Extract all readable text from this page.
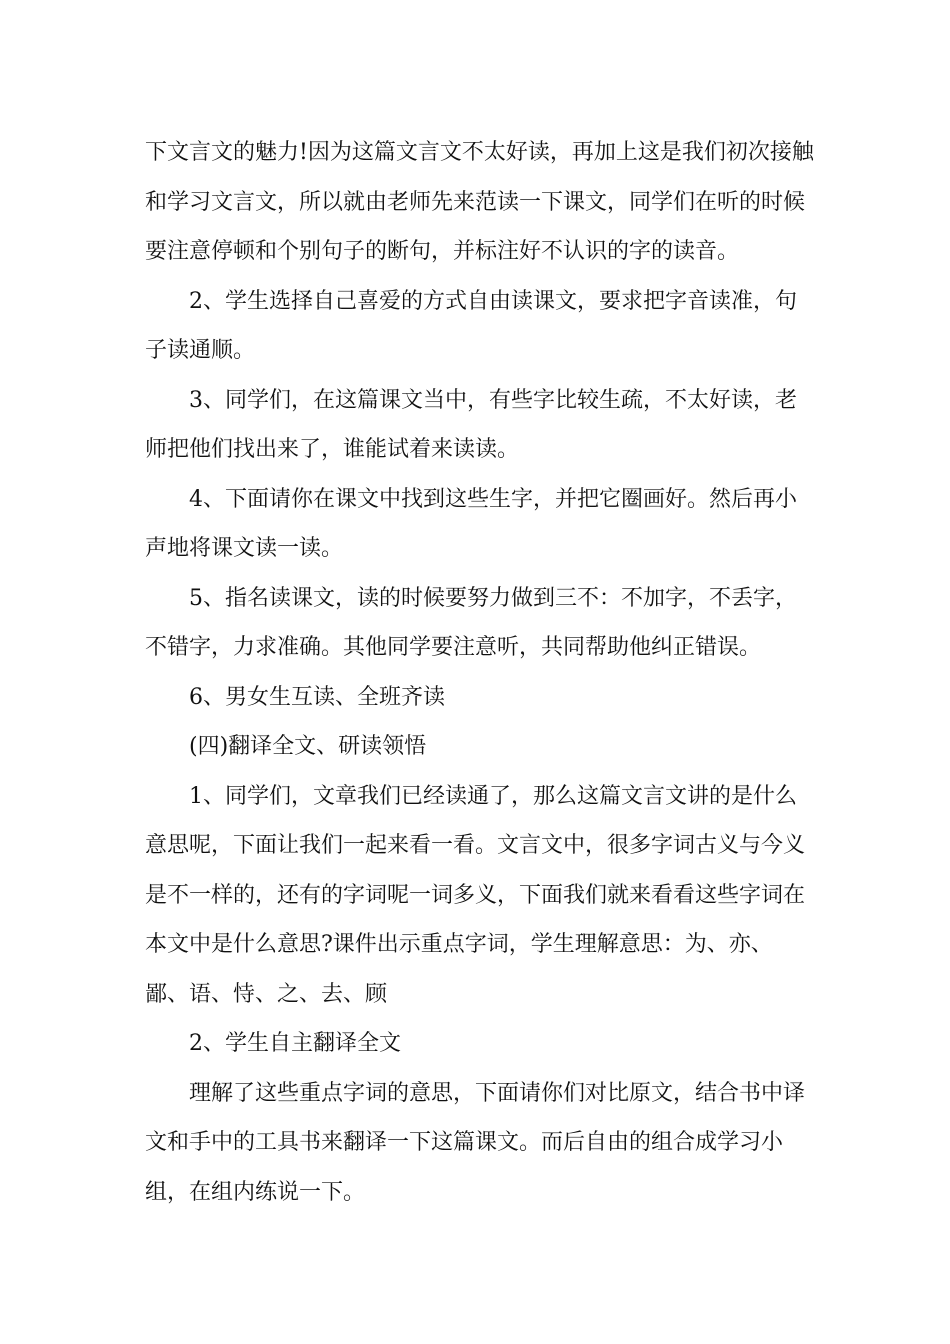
下文言文的魅力!因为这篇文言文不太好读，再加上这是我们初次接触和学习文言文，所以就由老师先来范读一下课文，同学们在听的时候要注意停顿和个别句子的断句，并标注好不认识的字的读音。

2、学生选择自己喜爱的方式自由读课文，要求把字音读准，句子读通顺。

3、同学们，在这篇课文当中，有些字比较生疏，不太好读，老师把他们找出来了，谁能试着来读读。

4、下面请你在课文中找到这些生字，并把它圈画好。然后再小声地将课文读一读。

5、指名读课文，读的时候要努力做到三不：不加字，不丢字，不错字，力求准确。其他同学要注意听，共同帮助他纠正错误。

6、男女生互读、全班齐读

(四)翻译全文、研读领悟

1、同学们，文章我们已经读通了，那么这篇文言文讲的是什么意思呢，下面让我们一起来看一看。文言文中，很多字词古义与今义是不一样的，还有的字词呢一词多义，下面我们就来看看这些字词在本文中是什么意思?课件出示重点字词，学生理解意思：为、亦、鄙、语、恃、之、去、顾

2、学生自主翻译全文

理解了这些重点字词的意思，下面请你们对比原文，结合书中译文和手中的工具书来翻译一下这篇课文。而后自由的组合成学习小组，在组内练说一下。
